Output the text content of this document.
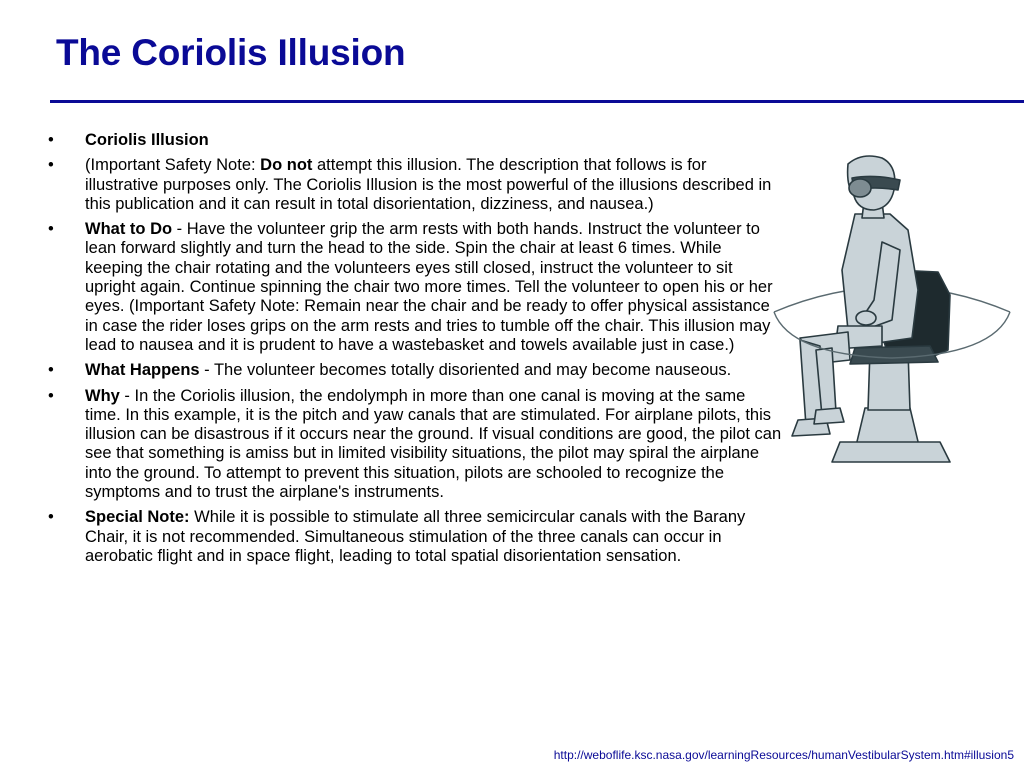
The Coriolis Illusion
• Coriolis Illusion
• (Important Safety Note: Do not attempt this illusion. The description that follows is for illustrative purposes only. The Coriolis Illusion is the most powerful of the illusions described in this publication and it can result in total disorientation, dizziness, and nausea.)
• What to Do - Have the volunteer grip the arm rests with both hands. Instruct the volunteer to lean forward slightly and turn the head to the side. Spin the chair at least 6 times. While keeping the chair rotating and the volunteers eyes still closed, instruct the volunteer to sit upright again. Continue spinning the chair two more times. Tell the volunteer to open his or her eyes. (Important Safety Note: Remain near the chair and be ready to offer physical assistance in case the rider loses grips on the arm rests and tries to tumble off the chair. This illusion may lead to nausea and it is prudent to have a wastebasket and towels available just in case.)
• What Happens - The volunteer becomes totally disoriented and may become nauseous.
• Why - In the Coriolis illusion, the endolymph in more than one canal is moving at the same time. In this example, it is the pitch and yaw canals that are stimulated. For airplane pilots, this illusion can be disastrous if it occurs near the ground. If visual conditions are good, the pilot can see that something is amiss but in limited visibility situations, the pilot may spiral the airplane into the ground. To attempt to prevent this situation, pilots are schooled to recognize the symptoms and to trust the airplane's instruments.
• Special Note: While it is possible to stimulate all three semicircular canals with the Barany Chair, it is not recommended. Simultaneous stimulation of the three canals can occur in aerobatic flight and in space flight, leading to total spatial disorientation sensation.
http://weboflife.ksc.nasa.gov/learningResources/humanVestibularSystem.htm#illusion5
